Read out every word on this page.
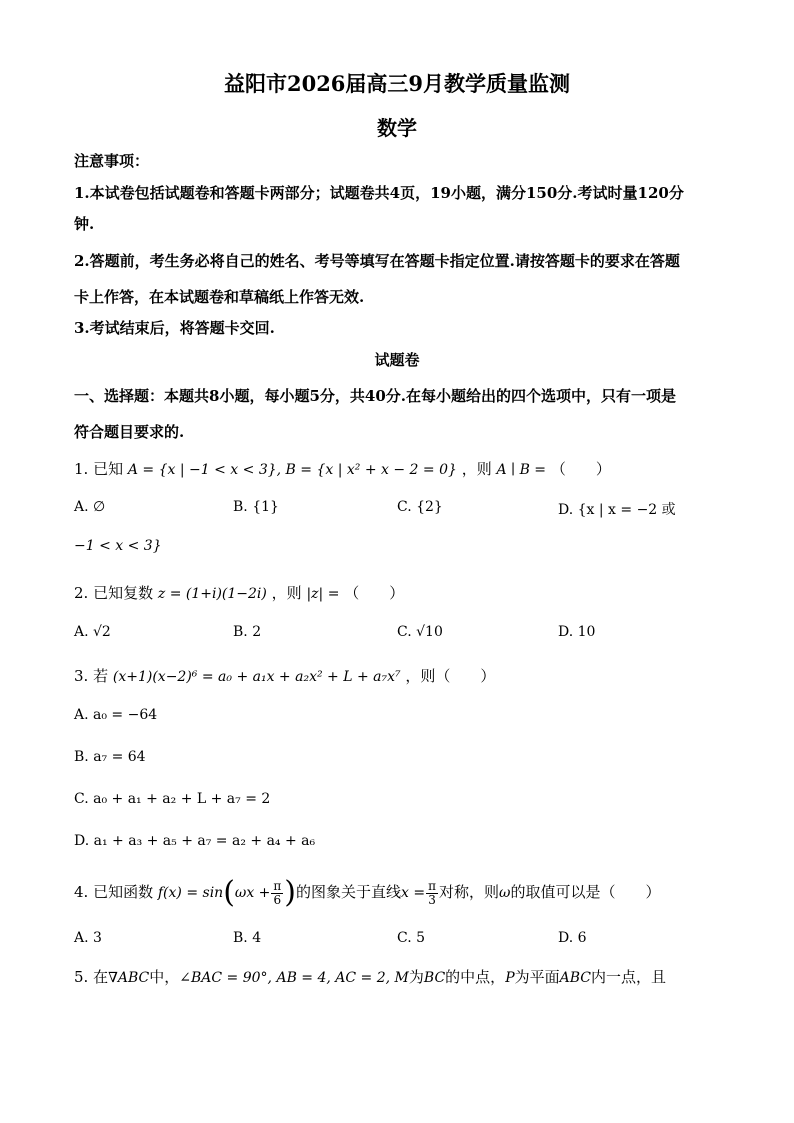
益阳市2026届高三9月教学质量监测
数学
注意事项：
1.本试卷包括试题卷和答题卡两部分；试题卷共4页，19小题，满分150分.考试时量120分
钟.
2.答题前，考生务必将自己的姓名、考号等填写在答题卡指定位置.请按答题卡的要求在答题
卡上作答，在本试题卷和草稿纸上作答无效.
3.考试结束后，将答题卡交回.
试题卷
一、选择题：本题共8小题，每小题5分，共40分.在每小题给出的四个选项中，只有一项是
符合题目要求的.
1. 已知 A = {x | −1 < x < 3}, B = {x | x² + x − 2 = 0} ，则 A ∣ B = （　　）
A. ∅	B. {1}	C. {2}	D. {x | x = −2 或
−1 < x < 3}
2. 已知复数 z = (1+i)(1−2i) ，则 |z| = （　　）
A. √2	B. 2	C. √10	D. 10
3. 若 (x+1)(x−2)⁶ = a₀ + a₁x + a₂x² + L + a₇x⁷ ，则（　　）
A. a₀ = −64
B. a₇ = 64
C. a₀ + a₁ + a₂ + L + a₇ = 2
D. a₁ + a₃ + a₅ + a₇ = a₂ + a₄ + a₆
4. 已知函数 $f(x) = \sin(\omega x + \frac{\pi}{6}$ )的图象关于直线$x = \frac{\pi}{3}$ 对称，则ω的取值可以是（　　）
A. 3	B. 4	C. 5	D. 6
5. 在∇ABC中，∠BAC = 90°, AB = 4, AC = 2, M为BC的中点，P为平面ABC内一点，且
